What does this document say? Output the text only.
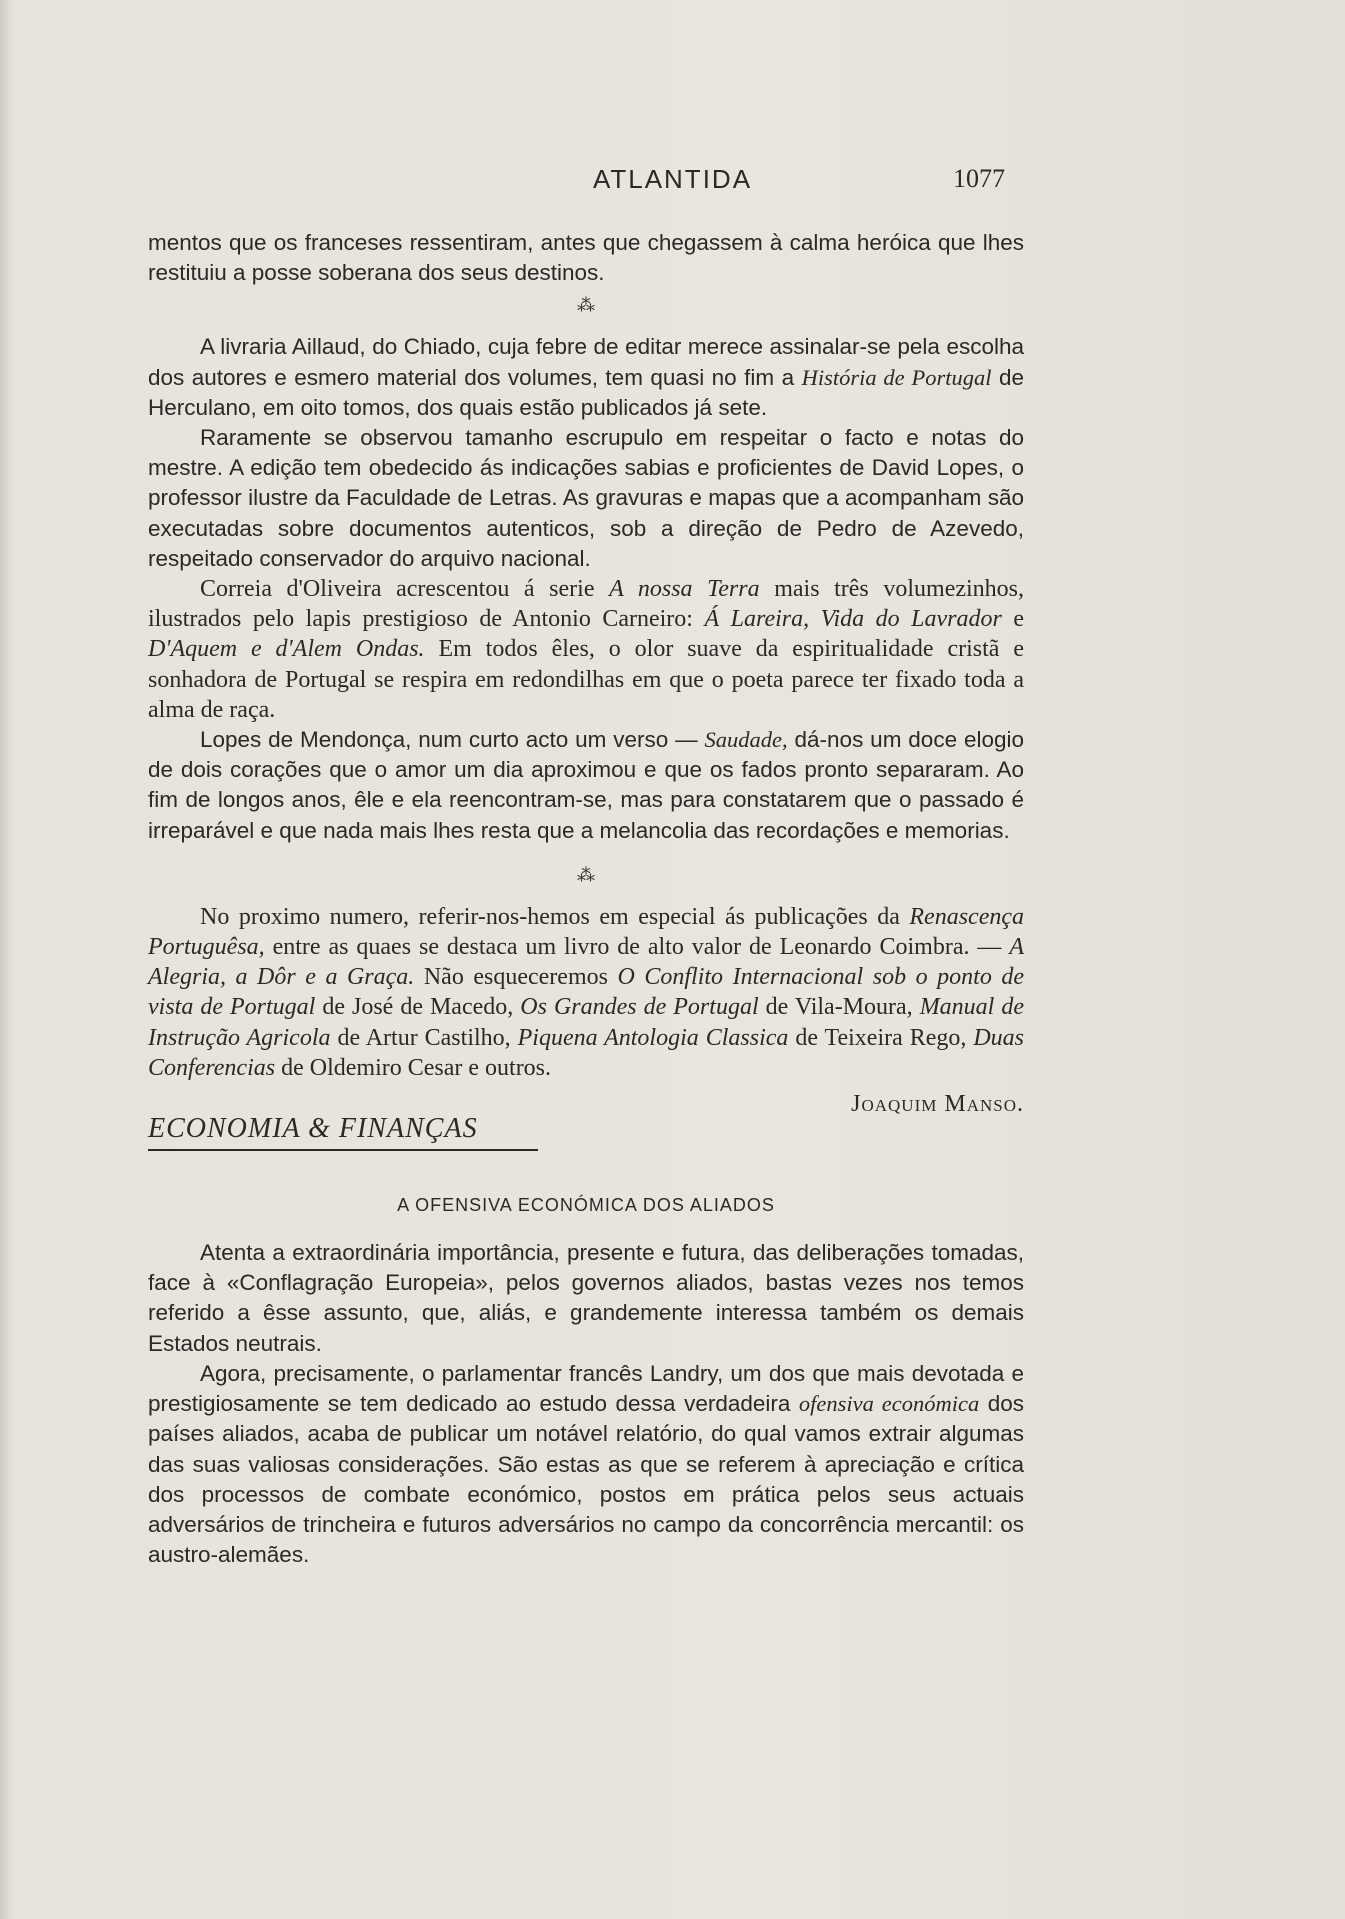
ATLANTIDA	1077

mentos que os franceses ressentiram, antes que chegassem à calma heróica que lhes restituiu a posse soberana dos seus destinos.

⁂

A livraria Aillaud, do Chiado, cuja febre de editar merece assinalar-se pela escolha dos autores e esmero material dos volumes, tem quasi no fim a História de Portugal de Herculano, em oito tomos, dos quais estão publicados já sete.

Raramente se observou tamanho escrupulo em respeitar o facto e notas do mestre. A edição tem obedecido ás indicações sabias e proficientes de David Lopes, o professor ilustre da Faculdade de Letras. As gravuras e mapas que a acompanham são executadas sobre documentos autenticos, sob a direção de Pedro de Azevedo, respeitado conservador do arquivo nacional.

Correia d'Oliveira acrescentou á serie A nossa Terra mais três volumezinhos, ilustrados pelo lapis prestigioso de Antonio Carneiro: Á Lareira, Vida do Lavrador e D'Aquem e d'Alem Ondas. Em todos êles, o olor suave da espiritualidade cristã e sonhadora de Portugal se respira em redondilhas em que o poeta parece ter fixado toda a alma de raça.

Lopes de Mendonça, num curto acto um verso — Saudade, dá-nos um doce elogio de dois corações que o amor um dia aproximou e que os fados pronto separaram. Ao fim de longos anos, êle e ela reencontram-se, mas para constatarem que o passado é irreparável e que nada mais lhes resta que a melancolia das recordações e memorias.

⁂

No proximo numero, referir-nos-hemos em especial ás publicações da Renascença Portuguêsa, entre as quaes se destaca um livro de alto valor de Leonardo Coimbra. — A Alegria, a Dôr e a Graça. Não esqueceremos O Conflito Internacional sob o ponto de vista de Portugal de José de Macedo, Os Grandes de Portugal de Vila-Moura, Manual de Instrução Agricola de Artur Castilho, Piquena Antologia Classica de Teixeira Rego, Duas Conferencias de Oldemiro Cesar e outros.

Joaquim Manso.
ECONOMIA & FINANÇAS
A OFENSIVA ECONÓMICA DOS ALIADOS

Atenta a extraordinária importância, presente e futura, das deliberações tomadas, face à «Conflagração Europeia», pelos governos aliados, bastas vezes nos temos referido a êsse assunto, que, aliás, e grandemente interessa também os demais Estados neutrais.

Agora, precisamente, o parlamentar francês Landry, um dos que mais devotada e prestigiosamente se tem dedicado ao estudo dessa verdadeira ofensiva económica dos países aliados, acaba de publicar um notável relatório, do qual vamos extrair algumas das suas valiosas considerações. São estas as que se referem à apreciação e crítica dos processos de combate económico, postos em prática pelos seus actuais adversários de trincheira e futuros adversários no campo da concorrência mercantil: os austro-alemães.
